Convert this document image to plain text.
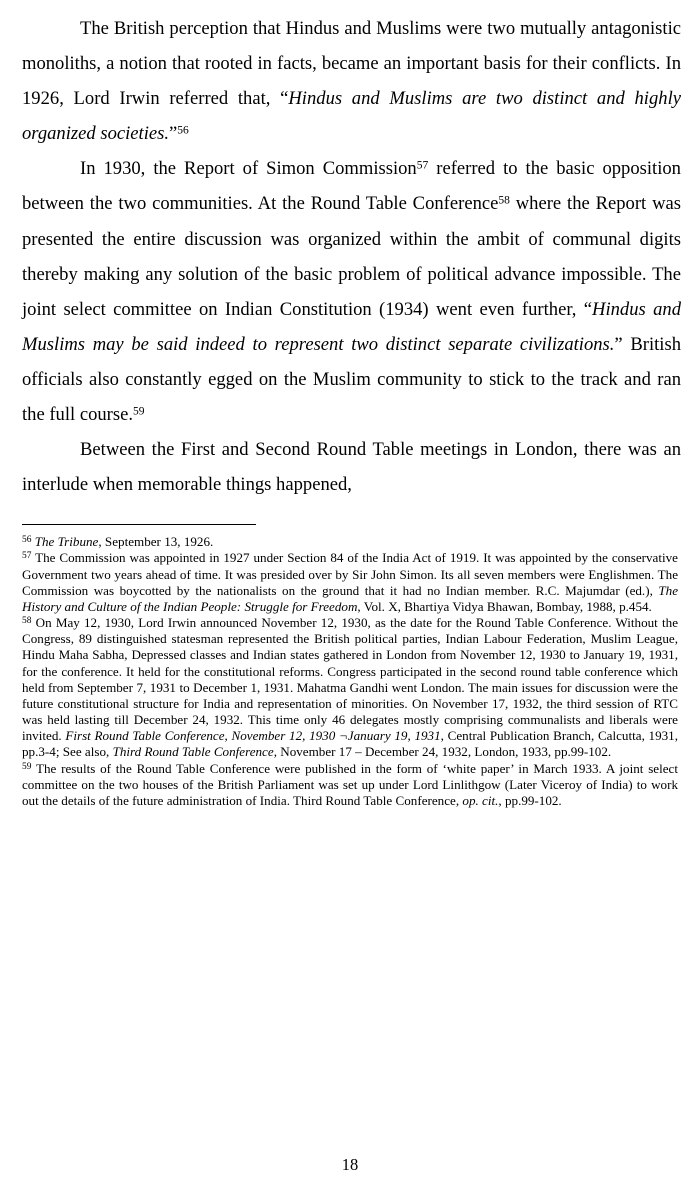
The British perception that Hindus and Muslims were two mutually antagonistic monoliths, a notion that rooted in facts, became an important basis for their conflicts. In 1926, Lord Irwin referred that, “Hindus and Muslims are two distinct and highly organized societies.”$^{56}$

In 1930, the Report of Simon Commission$^{57}$ referred to the basic opposition between the two communities. At the Round Table Conference$^{58}$ where the Report was presented the entire discussion was organized within the ambit of communal digits thereby making any solution of the basic problem of political advance impossible. The joint select committee on Indian Constitution (1934) went even further, “Hindus and Muslims may be said indeed to represent two distinct separate civilizations.” British officials also constantly egged on the Muslim community to stick to the track and ran the full course.$^{59}$

Between the First and Second Round Table meetings in London, there was an interlude when memorable things happened,

$^{56}$ The Tribune, September 13, 1926.

$^{57}$ The Commission was appointed in 1927 under Section 84 of the India Act of 1919. It was appointed by the conservative Government two years ahead of time. It was presided over by Sir John Simon. Its all seven members were Englishmen. The Commission was boycotted by the nationalists on the ground that it had no Indian member. R.C. Majumdar (ed.), The History and Culture of the Indian People: Struggle for Freedom, Vol. X, Bhartiya Vidya Bhawan, Bombay, 1988, p.454.

$^{58}$ On May 12, 1930, Lord Irwin announced November 12, 1930, as the date for the Round Table Conference. Without the Congress, 89 distinguished statesman represented the British political parties, Indian Labour Federation, Muslim League, Hindu Maha Sabha, Depressed classes and Indian states gathered in London from November 12, 1930 to January 19, 1931, for the conference. It held for the constitutional reforms. Congress participated in the second round table conference which held from September 7, 1931 to December 1, 1931. Mahatma Gandhi went London. The main issues for discussion were the future constitutional structure for India and representation of minorities. On November 17, 1932, the third session of RTC was held lasting till December 24, 1932. This time only 46 delegates mostly comprising communalists and liberals were invited. First Round Table Conference, November 12, 1930 ¬January 19, 1931, Central Publication Branch, Calcutta, 1931, pp.3-4; See also, Third Round Table Conference, November 17 – December 24, 1932, London, 1933, pp.99-102.

$^{59}$ The results of the Round Table Conference were published in the form of ‘white paper’ in March 1933. A joint select committee on the two houses of the British Parliament was set up under Lord Linlithgow (Later Viceroy of India) to work out the details of the future administration of India. Third Round Table Conference, op. cit., pp.99-102.

18
